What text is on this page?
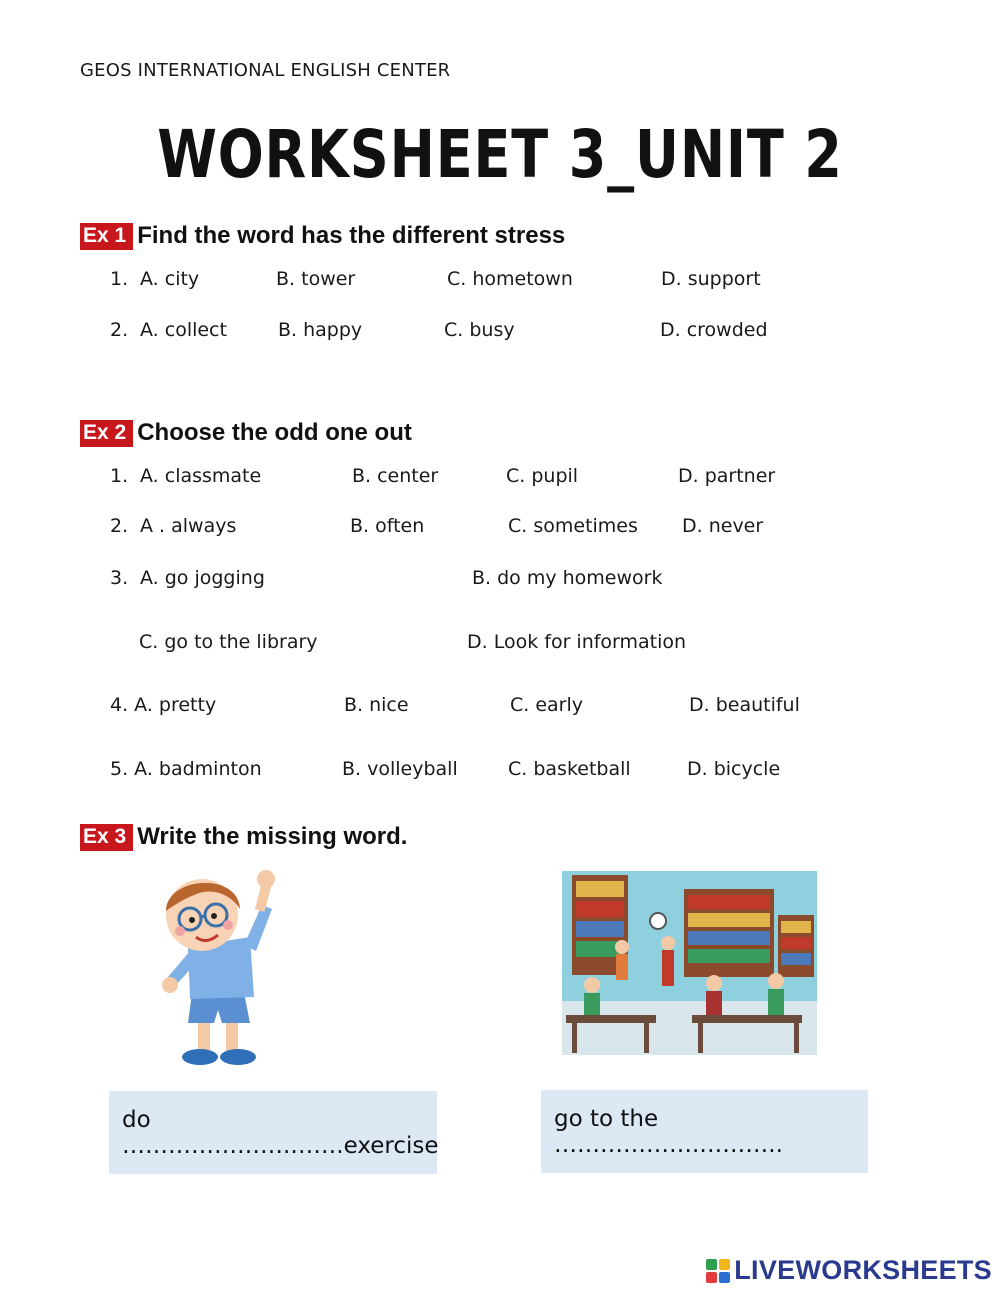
GEOS INTERNATIONAL ENGLISH CENTER
WORKSHEET 3_UNIT 2
Ex 1 Find the word has the different stress
1. A. city	B. tower	C. hometown	D. support
2. A. collect	B. happy	C. busy	D. crowded
Ex 2 Choose the odd one out
1. A. classmate	B. center	C. pupil	D. partner
2. A . always	B. often	C. sometimes D. never
3. A. go jogging	B. do my homework
C. go to the library	D. Look for information
4. A. pretty	B. nice	C. early	D. beautiful
5. A. badminton	B. volleyball	C. basketball	D. bicycle
Ex 3 Write the missing word.
do ………………….…….exercise
go to the ……………….………..
LIVEWORKSHEETS
